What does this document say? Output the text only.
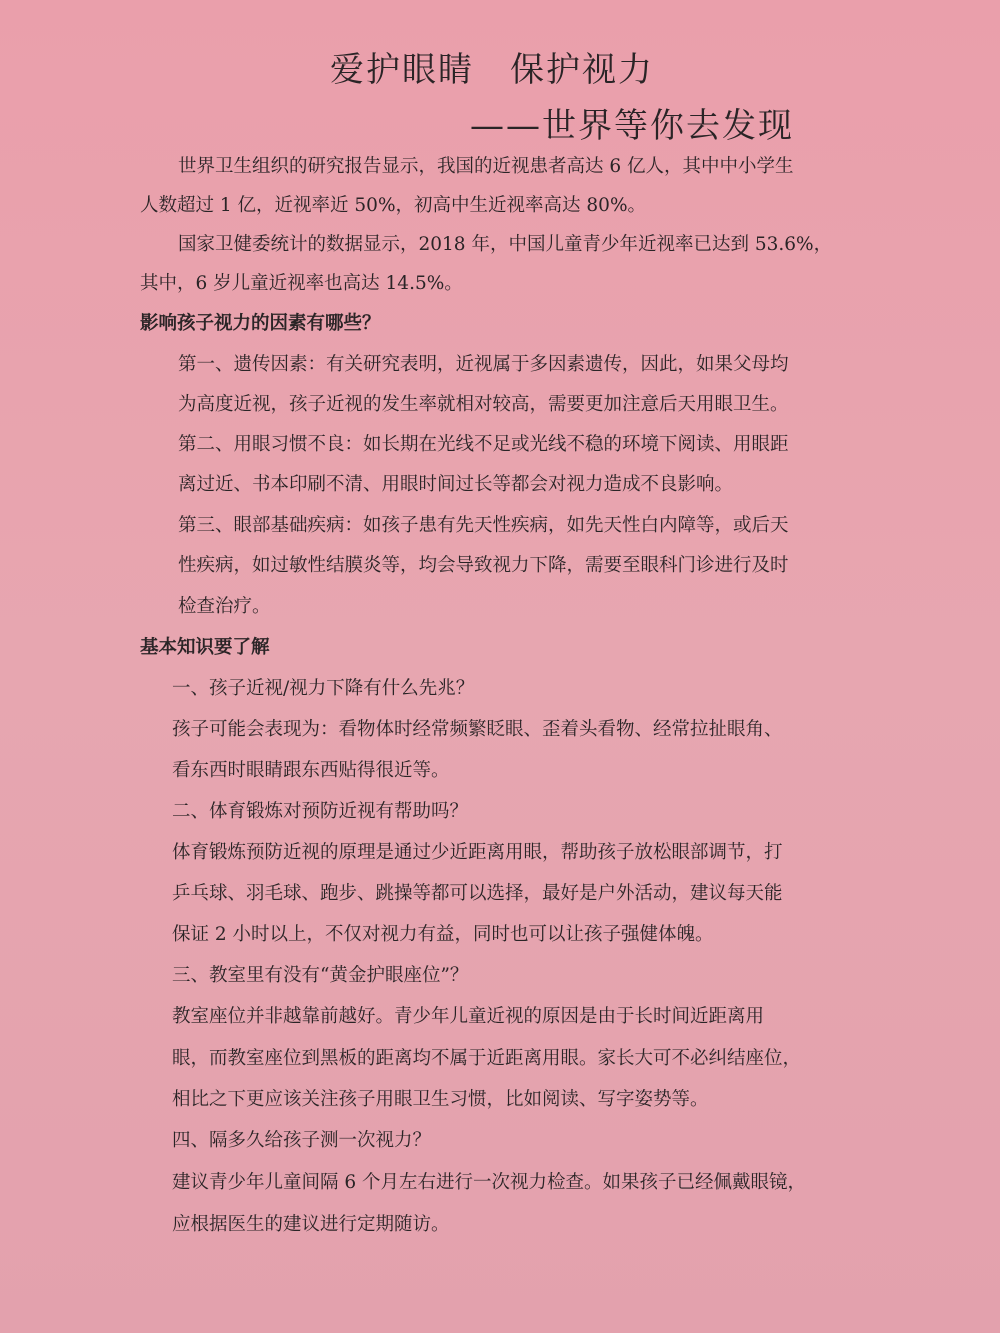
爱护眼睛　保护视力
——世界等你去发现
世界卫生组织的研究报告显示，我国的近视患者高达 6 亿人，其中中小学生
人数超过 1 亿，近视率近 50%，初高中生近视率高达 80%。
国家卫健委统计的数据显示，2018 年，中国儿童青少年近视率已达到 53.6%，
其中，6 岁儿童近视率也高达 14.5%。
影响孩子视力的因素有哪些？
第一、遗传因素：有关研究表明，近视属于多因素遗传，因此，如果父母均
为高度近视，孩子近视的发生率就相对较高，需要更加注意后天用眼卫生。
第二、用眼习惯不良：如长期在光线不足或光线不稳的环境下阅读、用眼距
离过近、书本印刷不清、用眼时间过长等都会对视力造成不良影响。
第三、眼部基础疾病：如孩子患有先天性疾病，如先天性白内障等，或后天
性疾病，如过敏性结膜炎等，均会导致视力下降，需要至眼科门诊进行及时
检查治疗。
基本知识要了解
一、孩子近视/视力下降有什么先兆？
孩子可能会表现为：看物体时经常频繁眨眼、歪着头看物、经常拉扯眼角、
看东西时眼睛跟东西贴得很近等。
二、体育锻炼对预防近视有帮助吗？
体育锻炼预防近视的原理是通过少近距离用眼，帮助孩子放松眼部调节，打
乒乓球、羽毛球、跑步、跳操等都可以选择，最好是户外活动，建议每天能
保证 2 小时以上，不仅对视力有益，同时也可以让孩子强健体魄。
三、教室里有没有“黄金护眼座位”？
教室座位并非越靠前越好。青少年儿童近视的原因是由于长时间近距离用
眼，而教室座位到黑板的距离均不属于近距离用眼。家长大可不必纠结座位，
相比之下更应该关注孩子用眼卫生习惯，比如阅读、写字姿势等。
四、隔多久给孩子测一次视力？
建议青少年儿童间隔 6 个月左右进行一次视力检查。如果孩子已经佩戴眼镜，
应根据医生的建议进行定期随访。
